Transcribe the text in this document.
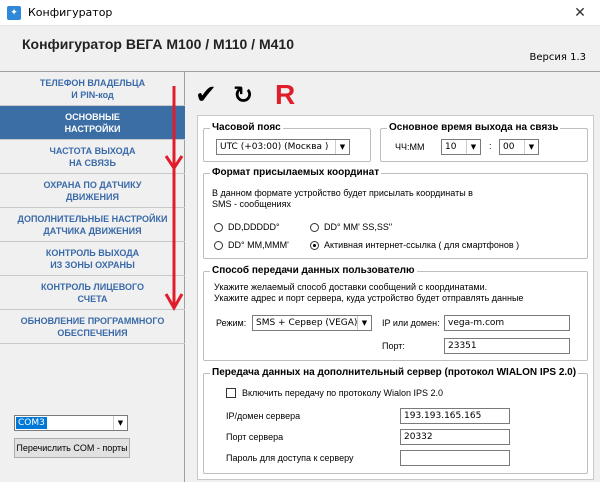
✦ Конфигуратор	✕
Конфигуратор ВЕГА М100 / М110 / М410
Версия 1.3
ТЕЛЕФОН ВЛАДЕЛЬЦА
И PIN-код
ОСНОВНЫЕ
НАСТРОЙКИ
ЧАСТОТА ВЫХОДА
НА СВЯЗЬ
ОХРАНА ПО ДАТЧИКУ
ДВИЖЕНИЯ
ДОПОЛНИТЕЛЬНЫЕ НАСТРОЙКИ
ДАТЧИКА ДВИЖЕНИЯ
КОНТРОЛЬ ВЫХОДА
ИЗ ЗОНЫ ОХРАНЫ
КОНТРОЛЬ ЛИЦЕВОГО
СЧЕТА
ОБНОВЛЕНИЕ ПРОГРАММНОГО
ОБЕСПЕЧЕНИЯ
COM3	▼
Перечислить COM - порты
✔ ↻ R
Часовой пояс
UTC (+03:00) (Москва )	▼
Основное время выхода на связь
ЧЧ:ММ	10	▼	:	00	▼
Формат присылаемых координат
В данном формате устройство будет присылать координаты в
SMS - сообщениях
DD,DDDDD°	DD° MM' SS,SS"
DD° MM,MMM'	Активная интернет-ссылка ( для смартфонов )
Способ передачи данных пользователю
Укажите желаемый способ доставки сообщений с координатами.
Укажите адрес и порт сервера, куда устройство будет отправлять данные
Режим:	SMS + Сервер (VEGA) ▼	IP или домен: vega-m.com
Порт:	23351
Передача данных на дополнительный сервер (протокол WIALON IPS 2.0)
Включить передачу по протоколу Wialon IPS 2.0
IP/домен сервера	193.193.165.165
Порт сервера	20332
Пароль для доступа к серверу
